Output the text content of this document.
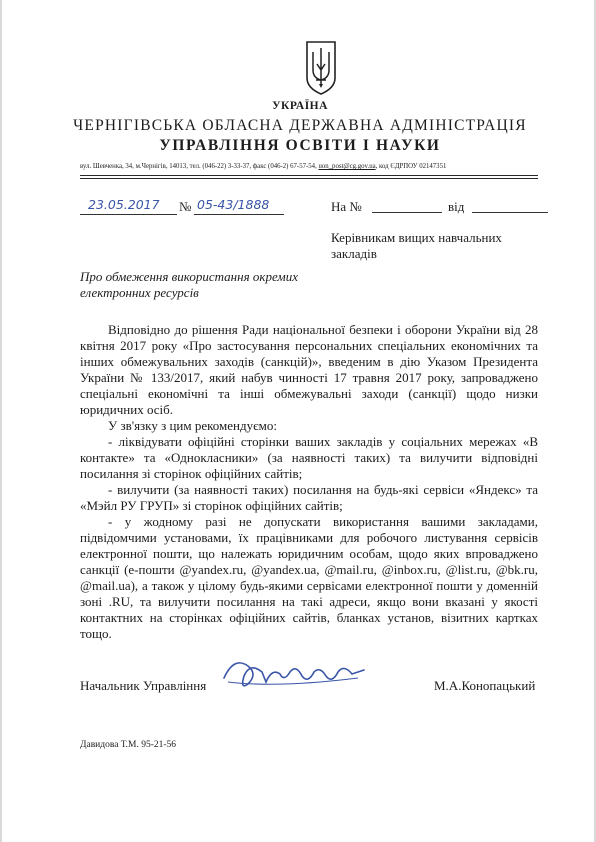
УКРАЇНА
ЧЕРНІГІВСЬКА ОБЛАСНА ДЕРЖАВНА АДМІНІСТРАЦІЯ
УПРАВЛІННЯ ОСВІТИ І НАУКИ
вул. Шевченка, 34, м.Чернігів, 14013, тел. (046-22) 3-33-37, факс (046-2) 67-57-54, uon_post@cg.gov.ua, код ЄДРПОУ 02147351
23.05.2017 № 05-43/1888	На №	від
Керівникам вищих навчальних закладів
Про обмеження використання окремих електронних ресурсів

Відповідно до рішення Ради національної безпеки і оборони України від 28 квітня 2017 року «Про застосування персональних спеціальних економічних та інших обмежувальних заходів (санкцій)», введеним в дію Указом Президента України № 133/2017, який набув чинності 17 травня 2017 року, запроваджено спеціальні економічні та інші обмежувальні заходи (санкції) щодо низки юридичних осіб.

У зв'язку з цим рекомендуємо:

- ліквідувати офіційні сторінки ваших закладів у соціальних мережах «В контакте» та «Однокласники» (за наявності таких) та вилучити відповідні посилання зі сторінок офіційних сайтів;

- вилучити (за наявності таких) посилання на будь-які сервіси «Яндекс» та «Мэйл РУ ГРУП» зі сторінок офіційних сайтів;

- у жодному разі не допускати використання вашими закладами, підвідомчими установами, їх працівниками для робочого листування сервісів електронної пошти, що належать юридичним особам, щодо яких впроваджено санкції (е-пошти @yandex.ru, @yandex.ua, @mail.ru, @inbox.ru, @list.ru, @bk.ru, @mail.ua), а також у цілому будь-якими сервісами електронної пошти у доменній зоні .RU, та вилучити посилання на такі адреси, якщо вони вказані у якості контактних на сторінках офіційних сайтів, бланках установ, візитних картках тощо.

Начальник Управління	М.А.Конопацький
Давидова Т.М. 95-21-56
